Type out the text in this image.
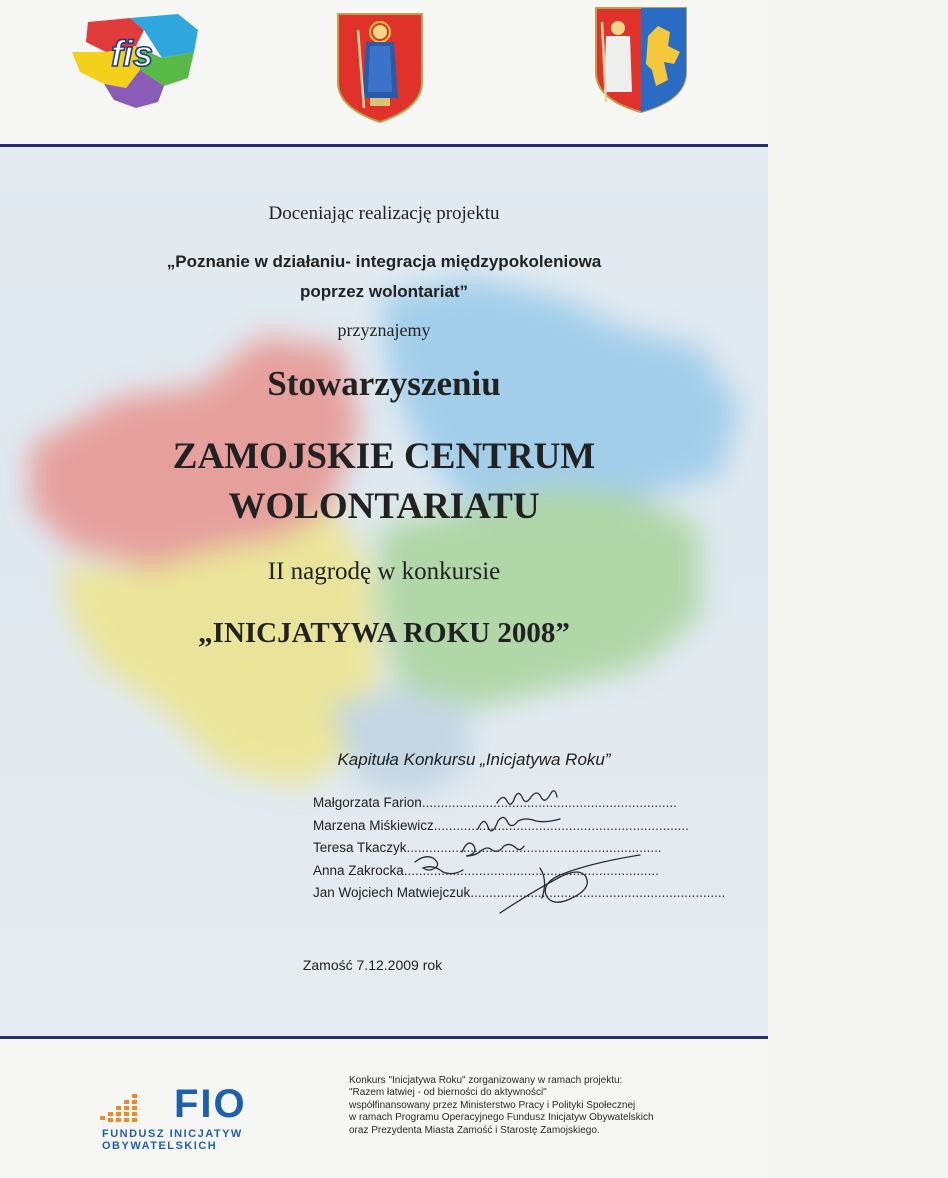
fis
Doceniając realizację projektu
„Poznanie w działaniu- integracja międzypokoleniowa
poprzez wolontariat”
przyznajemy
Stowarzyszeniu
ZAMOJSKIE CENTRUM
WOLONTARIATU
II nagrodę w konkursie
„INICJATYWA ROKU 2008”
Kapituła Konkursu „Inicjatywa Roku”
Małgorzata Farion....................................................................
Marzena Miśkiewicz....................................................................
Teresa Tkaczyk....................................................................
Anna Zakrocka....................................................................
Jan Wojciech Matwiejczuk....................................................................
Zamość 7.12.2009 rok
FIO
FUNDUSZ INICJATYW
OBYWATELSKICH
Konkurs "Inicjatywa Roku" zorganizowany w ramach projektu:
"Razem łatwiej - od bierności do aktywności"
współfinansowany przez Ministerstwo Pracy i Polityki Społecznej
w ramach Programu Operacyjnego Fundusz Inicjatyw Obywatelskich
oraz Prezydenta Miasta Zamość i Starostę Zamojskiego.
